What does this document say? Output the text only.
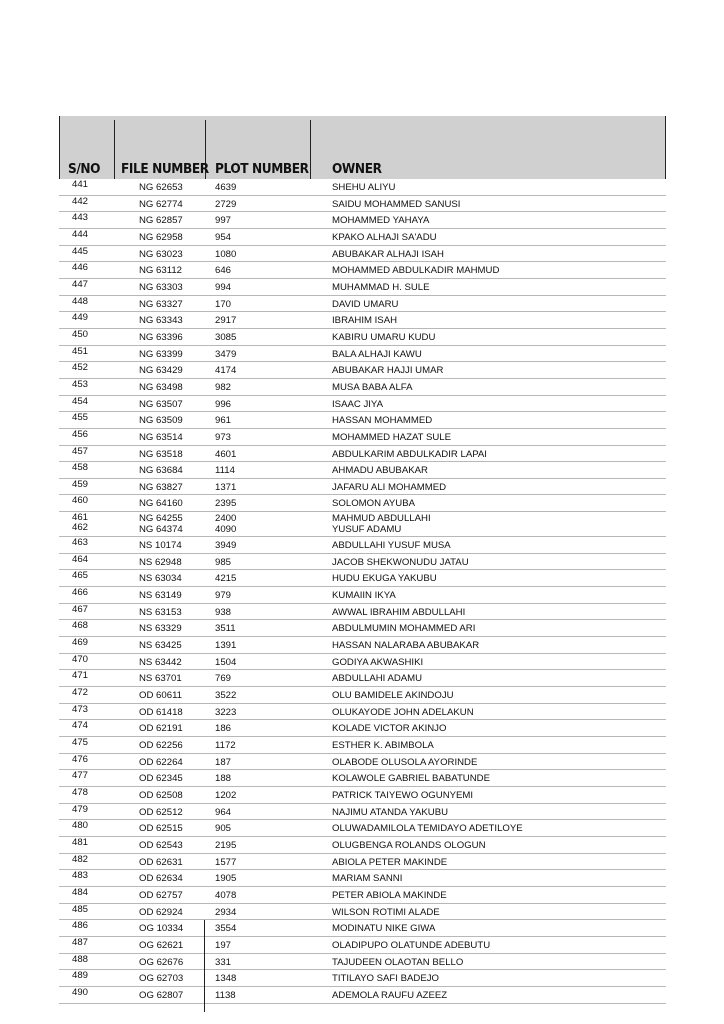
S/NO FILE NUMBER PLOT NUMBER OWNER
441	NG 62653	4639	SHEHU ALIYU
442	NG 62774	2729	SAIDU MOHAMMED SANUSI
443	NG 62857	997	MOHAMMED YAHAYA
444	NG 62958	954	KPAKO ALHAJI SA'ADU
445	NG 63023	1080	ABUBAKAR ALHAJI ISAH
446	NG 63112	646	MOHAMMED ABDULKADIR MAHMUD
447	NG 63303	994	MUHAMMAD H. SULE
448	NG 63327	170	DAVID UMARU
449	NG 63343	2917	IBRAHIM ISAH
450	NG 63396	3085	KABIRU UMARU KUDU
451	NG 63399	3479	BALA ALHAJI KAWU
452	NG 63429	4174	ABUBAKAR HAJJI UMAR
453	NG 63498	982	MUSA BABA ALFA
454	NG 63507	996	ISAAC JIYA
455	NG 63509	961	HASSAN MOHAMMED
456	NG 63514	973	MOHAMMED HAZAT SULE
457	NG 63518	4601	ABDULKARIM ABDULKADIR LAPAI
458	NG 63684	1114	AHMADU ABUBAKAR
459	NG 63827	1371	JAFARU ALI MOHAMMED
460	NG 64160	2395	SOLOMON AYUBA
461	NG 64255	2400	MAHMUD ABDULLAHI
462	NG 64374	4090	YUSUF ADAMU
463	NS 10174	3949	ABDULLAHI YUSUF MUSA
464	NS 62948	985	JACOB SHEKWONUDU JATAU
465	NS 63034	4215	HUDU EKUGA YAKUBU
466	NS 63149	979	KUMAIIN IKYA
467	NS 63153	938	AWWAL IBRAHIM ABDULLAHI
468	NS 63329	3511	ABDULMUMIN MOHAMMED ARI
469	NS 63425	1391	HASSAN NALARABA ABUBAKAR
470	NS 63442	1504	GODIYA AKWASHIKI
471	NS 63701	769	ABDULLAHI ADAMU
472	OD 60611	3522	OLU BAMIDELE AKINDOJU
473	OD 61418	3223	OLUKAYODE JOHN ADELAKUN
474	OD 62191	186	KOLADE VICTOR AKINJO
475	OD 62256	1172	ESTHER K. ABIMBOLA
476	OD 62264	187	OLABODE OLUSOLA AYORINDE
477	OD 62345	188	KOLAWOLE GABRIEL BABATUNDE
478	OD 62508	1202	PATRICK TAIYEWO OGUNYEMI
479	OD 62512	964	NAJIMU ATANDA YAKUBU
480	OD 62515	905	OLUWADAMILOLA TEMIDAYO ADETILOYE
481	OD 62543	2195	OLUGBENGA ROLANDS OLOGUN
482	OD 62631	1577	ABIOLA PETER MAKINDE
483	OD 62634	1905	MARIAM SANNI
484	OD 62757	4078	PETER ABIOLA MAKINDE
485	OD 62924	2934	WILSON ROTIMI ALADE
486	OG 10334	3554	MODINATU NIKE GIWA
487	OG 62621	197	OLADIPUPO OLATUNDE ADEBUTU
488	OG 62676	331	TAJUDEEN OLAOTAN BELLO
489	OG 62703	1348	TITILAYO SAFI BADEJO
490	OG 62807	1138	ADEMOLA RAUFU AZEEZ
